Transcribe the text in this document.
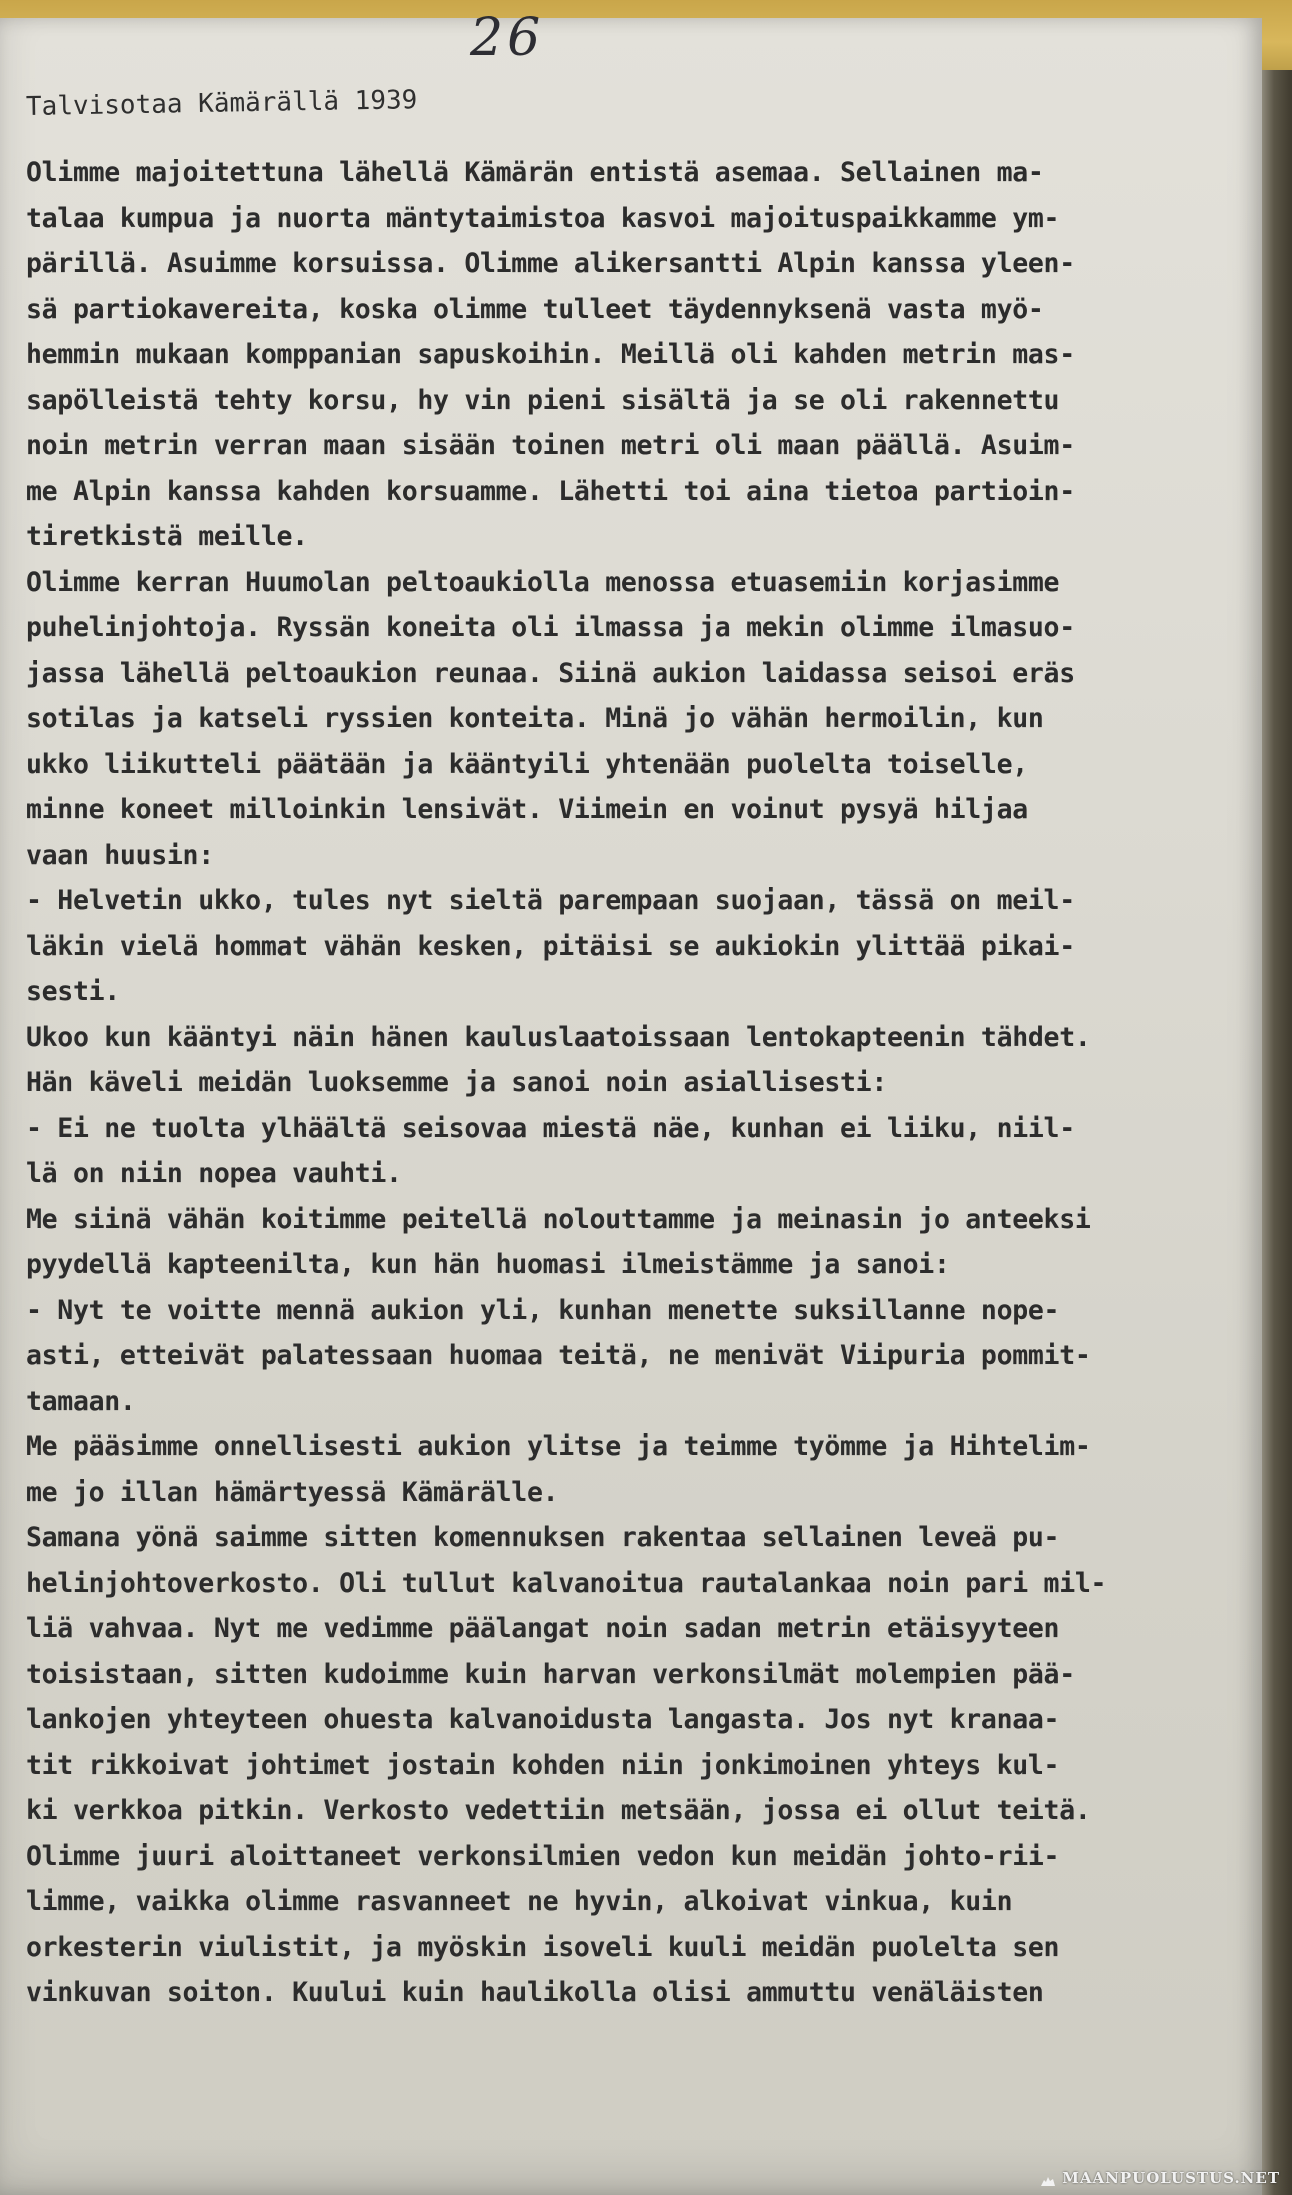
26
Talvisotaa Kämärällä 1939
Olimme majoitettuna lähellä Kämärän entistä asemaa. Sellainen ma-
talaa kumpua ja nuorta mäntytaimistoa kasvoi majoituspaikkamme ym-
pärillä. Asuimme korsuissa. Olimme alikersantti Alpin kanssa yleen-
sä partiokavereita, koska olimme tulleet täydennyksenä vasta myö-
hemmin mukaan komppanian sapuskoihin. Meillä oli kahden metrin mas-
sapölleistä tehty korsu, hy vin pieni sisältä ja se oli rakennettu
noin metrin verran maan sisään toinen metri oli maan päällä. Asuim-
me Alpin kanssa kahden korsuamme. Lähetti toi aina tietoa partioin-
tiretkistä meille.
Olimme kerran Huumolan peltoaukiolla menossa etuasemiin korjasimme
puhelinjohtoja. Ryssän koneita oli ilmassa ja mekin olimme ilmasuo-
jassa lähellä peltoaukion reunaa. Siinä aukion laidassa seisoi eräs
sotilas ja katseli ryssien konteita. Minä jo vähän hermoilin, kun
ukko liikutteli päätään ja kääntyili yhtenään puolelta toiselle,
minne koneet milloinkin lensivät. Viimein en voinut pysyä hiljaa
vaan huusin:
- Helvetin ukko, tules nyt sieltä parempaan suojaan, tässä on meil-
läkin vielä hommat vähän kesken, pitäisi se aukiokin ylittää pikai-
sesti.
Ukoo kun kääntyi näin hänen kauluslaatoissaan lentokapteenin tähdet.
Hän käveli meidän luoksemme ja sanoi noin asiallisesti:
- Ei ne tuolta ylhäältä seisovaa miestä näe, kunhan ei liiku, niil-
lä on niin nopea vauhti.
Me siinä vähän koitimme peitellä nolouttamme ja meinasin jo anteeksi
pyydellä kapteenilta, kun hän huomasi ilmeistämme ja sanoi:
- Nyt te voitte mennä aukion yli, kunhan menette suksillanne nope-
asti, etteivät palatessaan huomaa teitä, ne menivät Viipuria pommit-
tamaan.
Me pääsimme onnellisesti aukion ylitse ja teimme työmme ja Hihtelim-
me jo illan hämärtyessä Kämärälle.
Samana yönä saimme sitten komennuksen rakentaa sellainen leveä pu-
helinjohtoverkosto. Oli tullut kalvanoitua rautalankaa noin pari mil-
liä vahvaa. Nyt me vedimme päälangat noin sadan metrin etäisyyteen
toisistaan, sitten kudoimme kuin harvan verkonsilmät molempien pää-
lankojen yhteyteen ohuesta kalvanoidusta langasta. Jos nyt kranaa-
tit rikkoivat johtimet jostain kohden niin jonkimoinen yhteys kul-
ki verkkoa pitkin. Verkosto vedettiin metsään, jossa ei ollut teitä.
Olimme juuri aloittaneet verkonsilmien vedon kun meidän johto-rii-
limme, vaikka olimme rasvanneet ne hyvin, alkoivat vinkua, kuin
orkesterin viulistit, ja myöskin isoveli kuuli meidän puolelta sen
vinkuvan soiton. Kuului kuin haulikolla olisi ammuttu venäläisten
MAANPUOLUSTUS.NET
